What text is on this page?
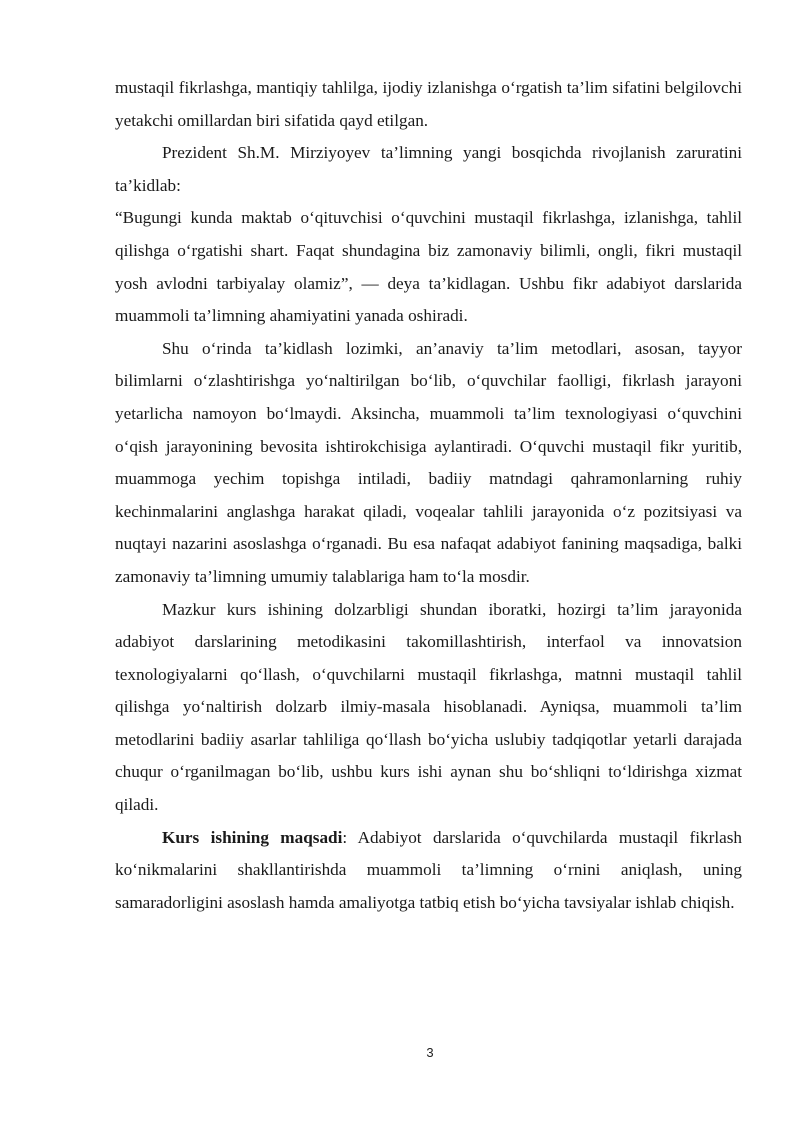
mustaqil fikrlashga, mantiqiy tahlilga, ijodiy izlanishga o‘rgatish ta’lim sifatini belgilovchi yetakchi omillardan biri sifatida qayd etilgan.

Prezident Sh.M. Mirziyoyev ta’limning yangi bosqichda rivojlanish zaruratini ta’kidlab:

“Bugungi kunda maktab o‘qituvchisi o‘quvchini mustaqil fikrlashga, izlanishga, tahlil qilishga o‘rgatishi shart. Faqat shundagina biz zamonaviy bilimli, ongli, fikri mustaqil yosh avlodni tarbiyalay olamiz”, — deya ta’kidlagan. Ushbu fikr adabiyot darslarida muammoli ta’limning ahamiyatini yanada oshiradi.

Shu o‘rinda ta’kidlash lozimki, an’anaviy ta’lim metodlari, asosan, tayyor bilimlarni o‘zlashtirishga yo‘naltirilgan bo‘lib, o‘quvchilar faolligi, fikrlash jarayoni yetarlicha namoyon bo‘lmaydi. Aksincha, muammoli ta’lim texnologiyasi o‘quvchini o‘qish jarayonining bevosita ishtirokchisiga aylantiradi. O‘quvchi mustaqil fikr yuritib, muammoga yechim topishga intiladi, badiiy matndagi qahramonlarning ruhiy kechinmalarini anglashga harakat qiladi, voqealar tahlili jarayonida o‘z pozitsiyasi va nuqtayi nazarini asoslashga o‘rganadi. Bu esa nafaqat adabiyot fanining maqsadiga, balki zamonaviy ta’limning umumiy talablariga ham to‘la mosdir.

Mazkur kurs ishining dolzarbligi shundan iboratki, hozirgi ta’lim jarayonida adabiyot darslarining metodikasini takomillashtirish, interfaol va innovatsion texnologiyalarni qo‘llash, o‘quvchilarni mustaqil fikrlashga, matnni mustaqil tahlil qilishga yo‘naltirish dolzarb ilmiy-masala hisoblanadi. Ayniqsa, muammoli ta’lim metodlarini badiiy asarlar tahliliga qo‘llash bo‘yicha uslubiy tadqiqotlar yetarli darajada chuqur o‘rganilmagan bo‘lib, ushbu kurs ishi aynan shu bo‘shliqni to‘ldirishga xizmat qiladi.

Kurs ishining maqsadi: Adabiyot darslarida o‘quvchilarda mustaqil fikrlash ko‘nikmalarini shakllantirishda muammoli ta’limning o‘rnini aniqlash, uning samaradorligini asoslash hamda amaliyotga tatbiq etish bo‘yicha tavsiyalar ishlab chiqish.

3
